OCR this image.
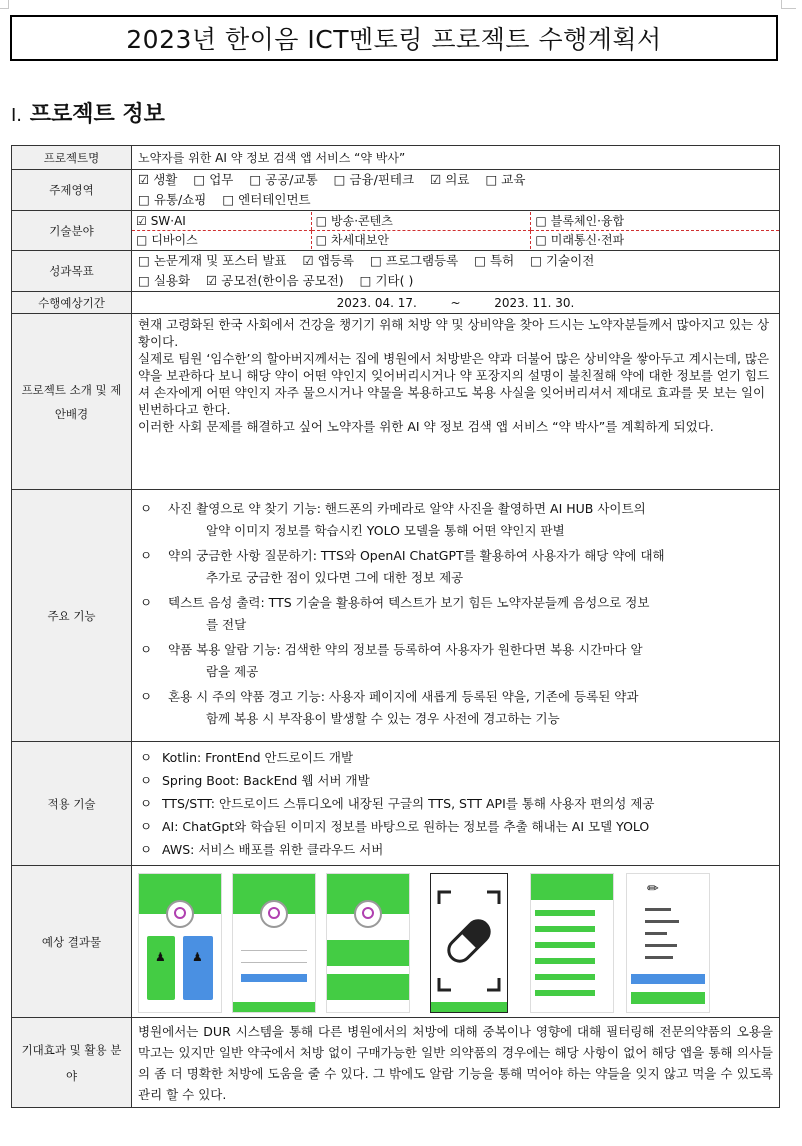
2023년 한이음 ICT멘토링 프로젝트 수행계획서
I. 프로젝트 정보
프로젝트명	노약자를 위한 AI 약 정보 검색 앱 서비스 “약 박사”
주제영역	
☑ 생활 □ 업무 □ 공공/교통 □ 금융/핀테크 ☑ 의료 □ 교육
□ 유통/쇼핑 □ 엔터테인먼트

기술분야	
☑ SW·AI	□ 방송·콘텐츠	□ 블록체인·융합
□ 디바이스	□ 차세대보안	□ 미래통신·전파

성과목표	
□ 논문게재 및 포스터 발표 ☑ 앱등록 □ 프로그램등록 □ 특허 □ 기술이전
□ 실용화 ☑ 공모전(한이음 공모전) □ 기타( )

수행예상기간	2023. 04. 17.	~	2023. 11. 30.
프로젝트 소개 및 제안배경	

현재 고령화된 한국 사회에서 건강을 챙기기 위해 처방 약 및 상비약을 찾아 드시는 노약자분들께서 많아지고 있는 상황이다.

실제로 팀원 ‘임수한’의 할아버지께서는 집에 병원에서 처방받은 약과 더불어 많은 상비약을 쌓아두고 계시는데, 많은 약을 보관하다 보니 해당 약이 어떤 약인지 잊어버리시거나 약 포장지의 설명이 불친절해 약에 대한 정보를 얻기 힘드셔 손자에게 어떤 약인지 자주 물으시거나 약물을 복용하고도 복용 사실을 잊어버리셔서 제대로 효과를 못 보는 일이 빈번하다고 한다.

이러한 사회 문제를 해결하고 싶어 노약자를 위한 AI 약 정보 검색 앱 서비스 “약 박사”를 계획하게 되었다.

주요 기능	
ㅇ 사진 촬영으로 약 찾기 기능: 핸드폰의 카메라로 알약 사진을 촬영하면 AI HUB 사이트의
알약 이미지 정보를 학습시킨 YOLO 모델을 통해 어떤 약인지 판별
ㅇ 약의 궁금한 사항 질문하기: TTS와 OpenAI ChatGPT를 활용하여 사용자가 해당 약에 대해
추가로 궁금한 점이 있다면 그에 대한 정보 제공
ㅇ 텍스트 음성 출력: TTS 기술을 활용하여 텍스트가 보기 힘든 노약자분들께 음성으로 정보
를 전달
ㅇ 약품 복용 알람 기능: 검색한 약의 정보를 등록하여 사용자가 원한다면 복용 시간마다 알
람을 제공
ㅇ 혼용 시 주의 약품 경고 기능: 사용자 페이지에 새롭게 등록된 약을, 기존에 등록된 약과
함께 복용 시 부작용이 발생할 수 있는 경우 사전에 경고하는 기능

적용 기술	
ㅇ Kotlin: FrontEnd 안드로이드 개발
ㅇ Spring Boot: BackEnd 웹 서버 개발
ㅇ TTS/STT: 안드로이드 스튜디오에 내장된 구글의 TTS, STT API를 통해 사용자 편의성 제공
ㅇ AI: ChatGpt와 학습된 이미지 정보를 바탕으로 원하는 정보를 추출 해내는 AI 모델 YOLO
ㅇ AWS: 서비스 배포를 위한 클라우드 서버

예상 결과물	
♟ ♟
✏

기대효과 및 활용 분야	병원에서는 DUR 시스템을 통해 다른 병원에서의 처방에 대해 중복이나 영향에 대해 필터링해 전문의약품의 오용을 막고는 있지만 일반 약국에서 처방 없이 구매가능한 일반 의약품의 경우에는 해당 사항이 없어 해당 앱을 통해 의사들의 좀 더 명확한 처방에 도움을 줄 수 있다. 그 밖에도 알람 기능을 통해 먹어야 하는 약들을 잊지 않고 먹을 수 있도록 관리 할 수 있다.
